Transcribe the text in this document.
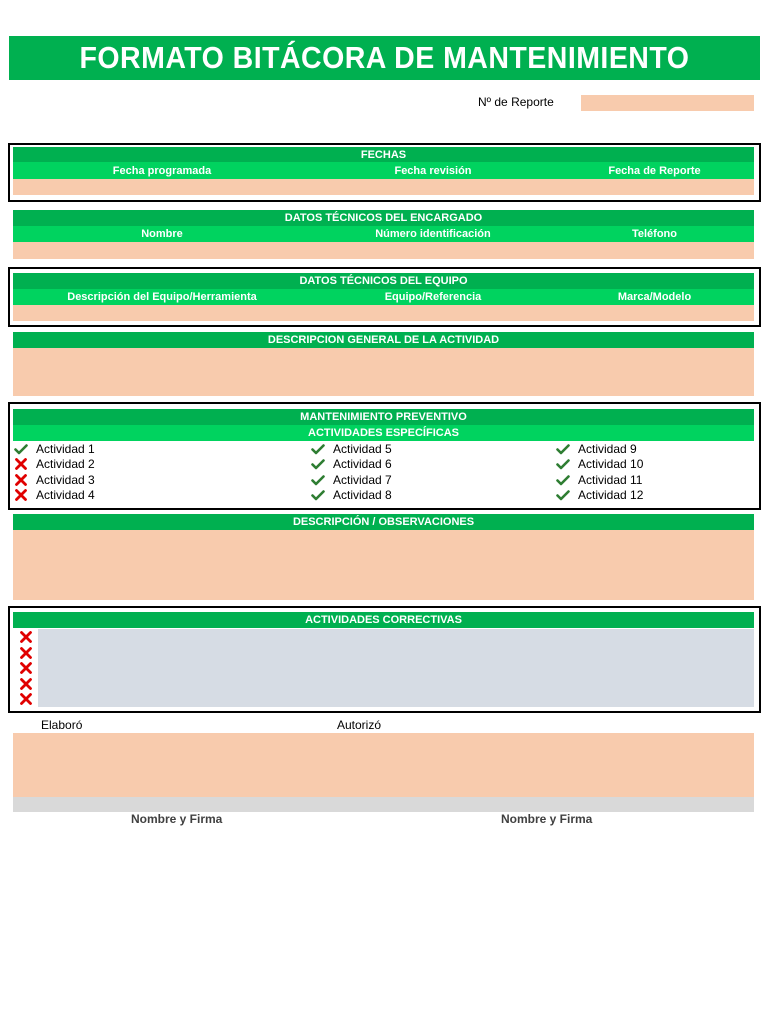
FORMATO BITÁCORA DE MANTENIMIENTO
Nº de Reporte
FECHAS
Fecha programada	Fecha revisión	Fecha de Reporte
DATOS TÉCNICOS DEL ENCARGADO
Nombre	Número identificación	Teléfono
DATOS TÉCNICOS DEL EQUIPO
Descripción del Equipo/Herramienta	Equipo/Referencia	Marca/Modelo
DESCRIPCION GENERAL DE LA ACTIVIDAD
MANTENIMIENTO PREVENTIVO
ACTIVIDADES ESPECÍFICAS
Actividad 1
Actividad 2
Actividad 3
Actividad 4
Actividad 5
Actividad 6
Actividad 7
Actividad 8
Actividad 9
Actividad 10
Actividad 11
Actividad 12
DESCRIPCIÓN / OBSERVACIONES
ACTIVIDADES CORRECTIVAS
Elaboró	Autorizó
Nombre y Firma	Nombre y Firma
